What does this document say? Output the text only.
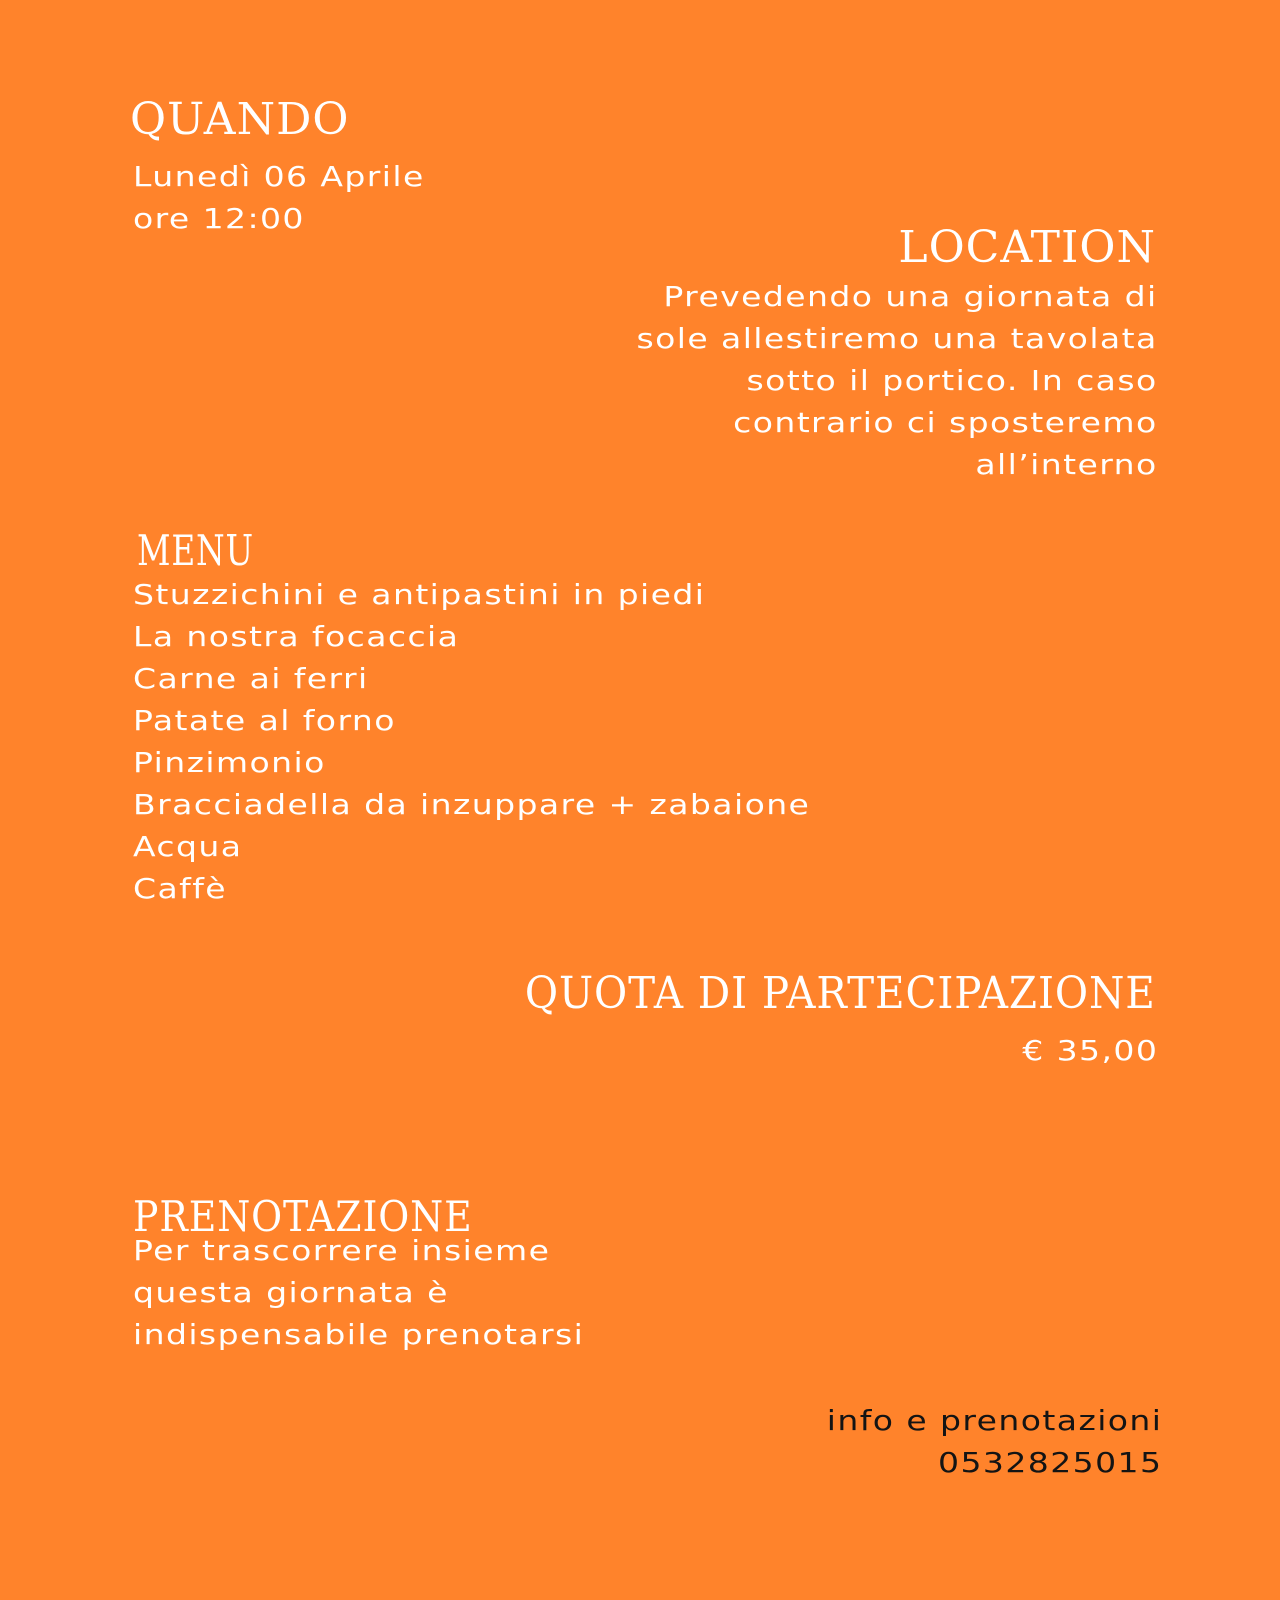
QUANDO
Lunedì 06 Aprile
ore 12:00
LOCATION
Prevedendo una giornata di
sole allestiremo una tavolata
sotto il portico. In caso
contrario ci sposteremo
all’interno
MENU
Stuzzichini e antipastini in piedi
La nostra focaccia
Carne ai ferri
Patate al forno
Pinzimonio
Bracciadella da inzuppare + zabaione
Acqua
Caffè
QUOTA DI PARTECIPAZIONE
€ 35,00
PRENOTAZIONE
Per trascorrere insieme
questa giornata è
indispensabile prenotarsi
info e prenotazioni
0532825015
